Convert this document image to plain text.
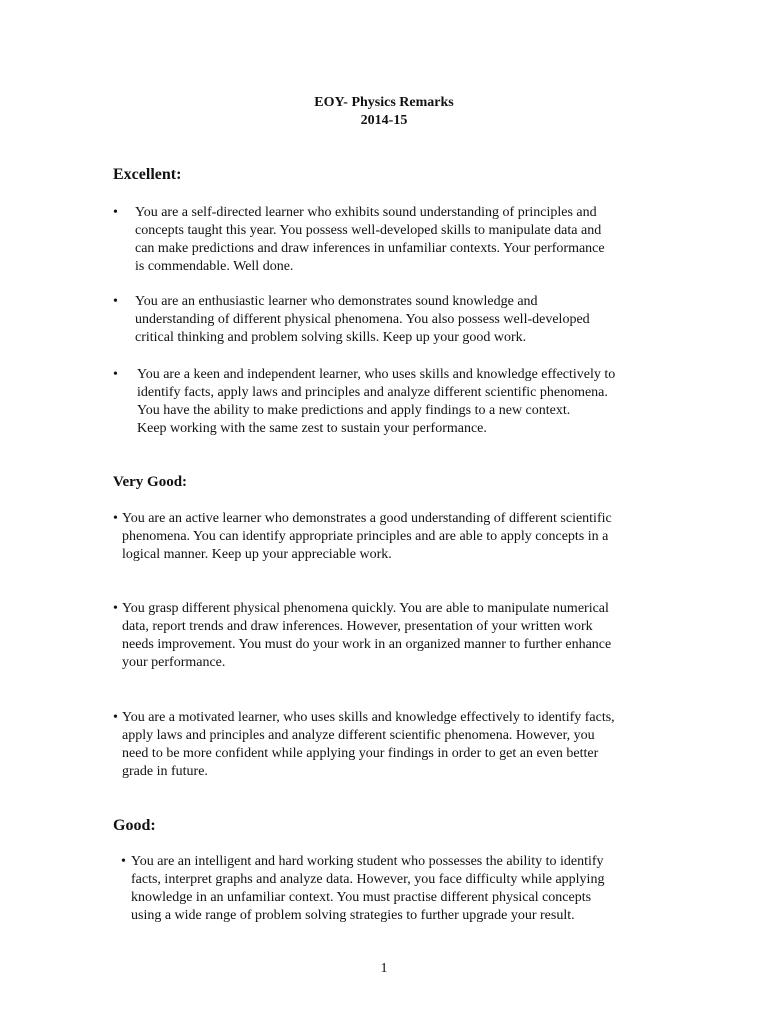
EOY- Physics Remarks
2014-15
Excellent:
• You are a self-directed learner who exhibits sound understanding of principles and
concepts taught this year. You possess well-developed skills to manipulate data and
can make predictions and draw inferences in unfamiliar contexts. Your performance
is commendable. Well done.
• You are an enthusiastic learner who demonstrates sound knowledge and
understanding of different physical phenomena. You also possess well-developed
critical thinking and problem solving skills. Keep up your good work.
• You are a keen and independent learner, who uses skills and knowledge effectively to
identify facts, apply laws and principles and analyze different scientific phenomena.
You have the ability to make predictions and apply findings to a new context.
Keep working with the same zest to sustain your performance.
Very Good:
• You are an active learner who demonstrates a good understanding of different scientific
phenomena. You can identify appropriate principles and are able to apply concepts in a
logical manner. Keep up your appreciable work.
• You grasp different physical phenomena quickly. You are able to manipulate numerical
data, report trends and draw inferences. However, presentation of your written work
needs improvement. You must do your work in an organized manner to further enhance
your performance.
• You are a motivated learner, who uses skills and knowledge effectively to identify facts,
apply laws and principles and analyze different scientific phenomena. However, you
need to be more confident while applying your findings in order to get an even better
grade in future.
Good:
• You are an intelligent and hard working student who possesses the ability to identify
facts, interpret graphs and analyze data. However, you face difficulty while applying
knowledge in an unfamiliar context. You must practise different physical concepts
using a wide range of problem solving strategies to further upgrade your result.
1
